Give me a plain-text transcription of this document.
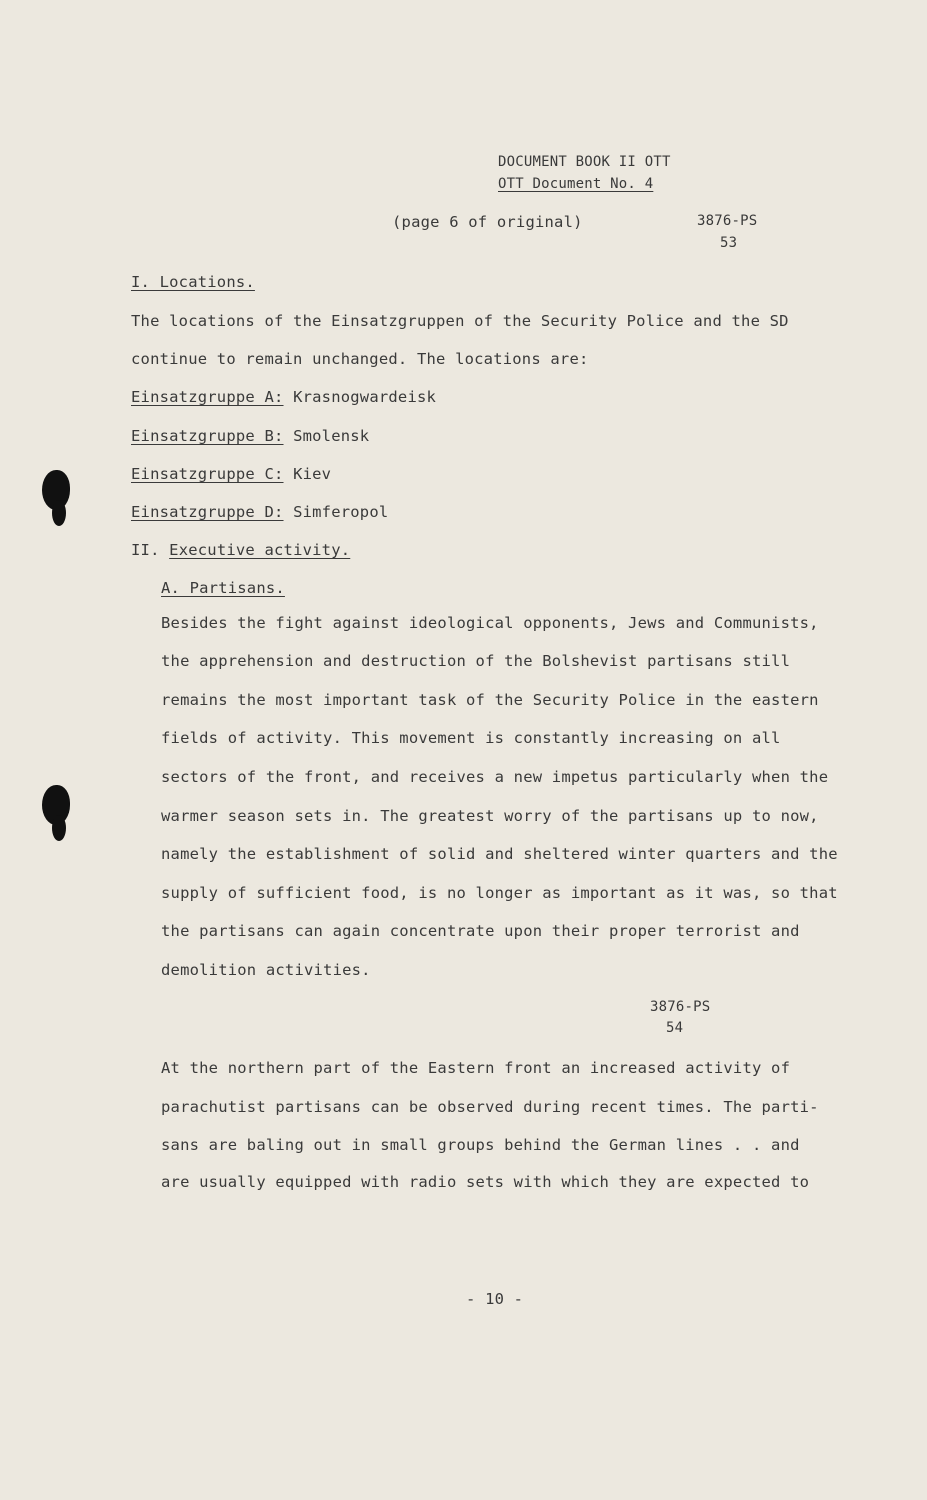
DOCUMENT BOOK II OTT
OTT Document No. 4
(page 6 of original)	3876-PS
53
I. Locations.
The locations of the Einsatzgruppen of the Security Police and the SD
continue to remain unchanged. The locations are:
Einsatzgruppe A: Krasnogwardeisk
Einsatzgruppe B: Smolensk
Einsatzgruppe C: Kiev
Einsatzgruppe D: Simferopol
II. Executive activity.
A. Partisans.
Besides the fight against ideological opponents, Jews and Communists,
the apprehension and destruction of the Bolshevist partisans still
remains the most important task of the Security Police in the eastern
fields of activity. This movement is constantly increasing on all
sectors of the front, and receives a new impetus particularly when the
warmer season sets in. The greatest worry of the partisans up to now,
namely the establishment of solid and sheltered winter quarters and the
supply of sufficient food, is no longer as important as it was, so that
the partisans can again concentrate upon their proper terrorist and
demolition activities.
3876-PS
54
At the northern part of the Eastern front an increased activity of
parachutist partisans can be observed during recent times. The parti-
sans are baling out in small groups behind the German lines . . and
are usually equipped with radio sets with which they are expected to
- 10 -
